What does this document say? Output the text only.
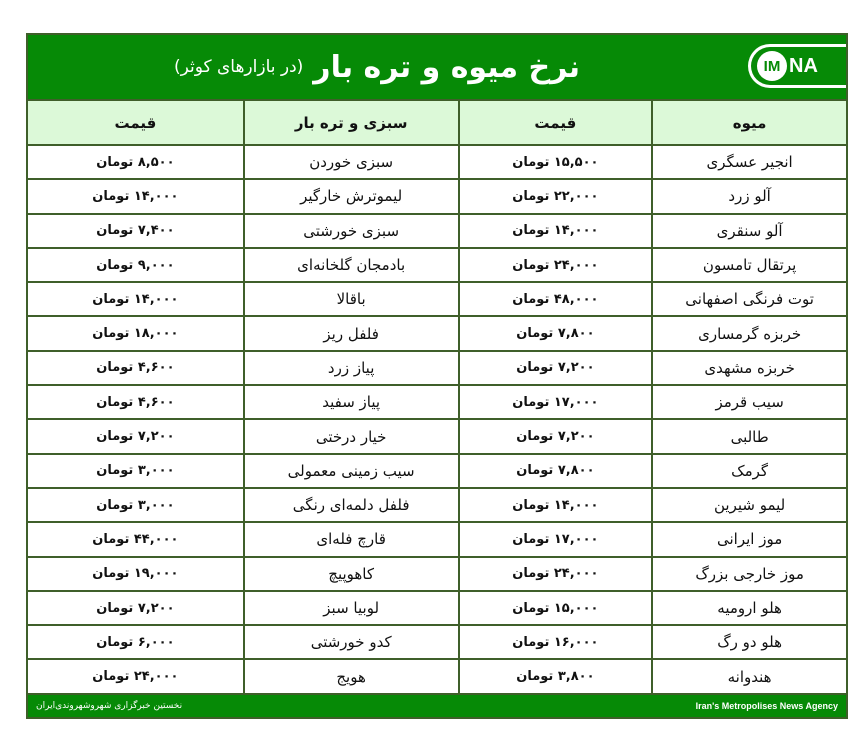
نرخ میوه و تره بار
(در بازارهای کوثر)	IM NA
میوه	قیمت	سبزی و تره بار	قیمت
انجیر عسگری	۱۵,۵۰۰ تومان	سبزی خوردن	۸,۵۰۰ تومان
آلو زرد	۲۲,۰۰۰ تومان	لیموترش خارگیر	۱۴,۰۰۰ تومان
آلو سنقری	۱۴,۰۰۰ تومان	سبزی خورشتی	۷,۴۰۰ تومان
پرتقال تامسون	۲۴,۰۰۰ تومان	بادمجان گلخانه‌ای	۹,۰۰۰ تومان
توت فرنگی اصفهانی	۴۸,۰۰۰ تومان	باقالا	۱۴,۰۰۰ تومان
خربزه گرمساری	۷,۸۰۰ تومان	فلفل ریز	۱۸,۰۰۰ تومان
خربزه مشهدی	۷,۲۰۰ تومان	پیاز زرد	۴,۶۰۰ تومان
سیب قرمز	۱۷,۰۰۰ تومان	پیاز سفید	۴,۶۰۰ تومان
طالبی	۷,۲۰۰ تومان	خیار درختی	۷,۲۰۰ تومان
گرمک	۷,۸۰۰ تومان	سیب زمینی معمولی	۳,۰۰۰ تومان
لیمو شیرین	۱۴,۰۰۰ تومان	فلفل دلمه‌ای رنگی	۳,۰۰۰ تومان
موز ایرانی	۱۷,۰۰۰ تومان	قارچ فله‌ای	۴۴,۰۰۰ تومان
موز خارجی بزرگ	۲۴,۰۰۰ تومان	کاهوپیچ	۱۹,۰۰۰ تومان
هلو ارومیه	۱۵,۰۰۰ تومان	لوبیا سبز	۷,۲۰۰ تومان
هلو دو رگ	۱۶,۰۰۰ تومان	کدو خورشتی	۶,۰۰۰ تومان
هندوانه	۳,۸۰۰ تومان	هویج	۲۴,۰۰۰ تومان
نخستین خبرگزاری شهروشهروندی‌ایران	Iran's Metropolises News Agency
